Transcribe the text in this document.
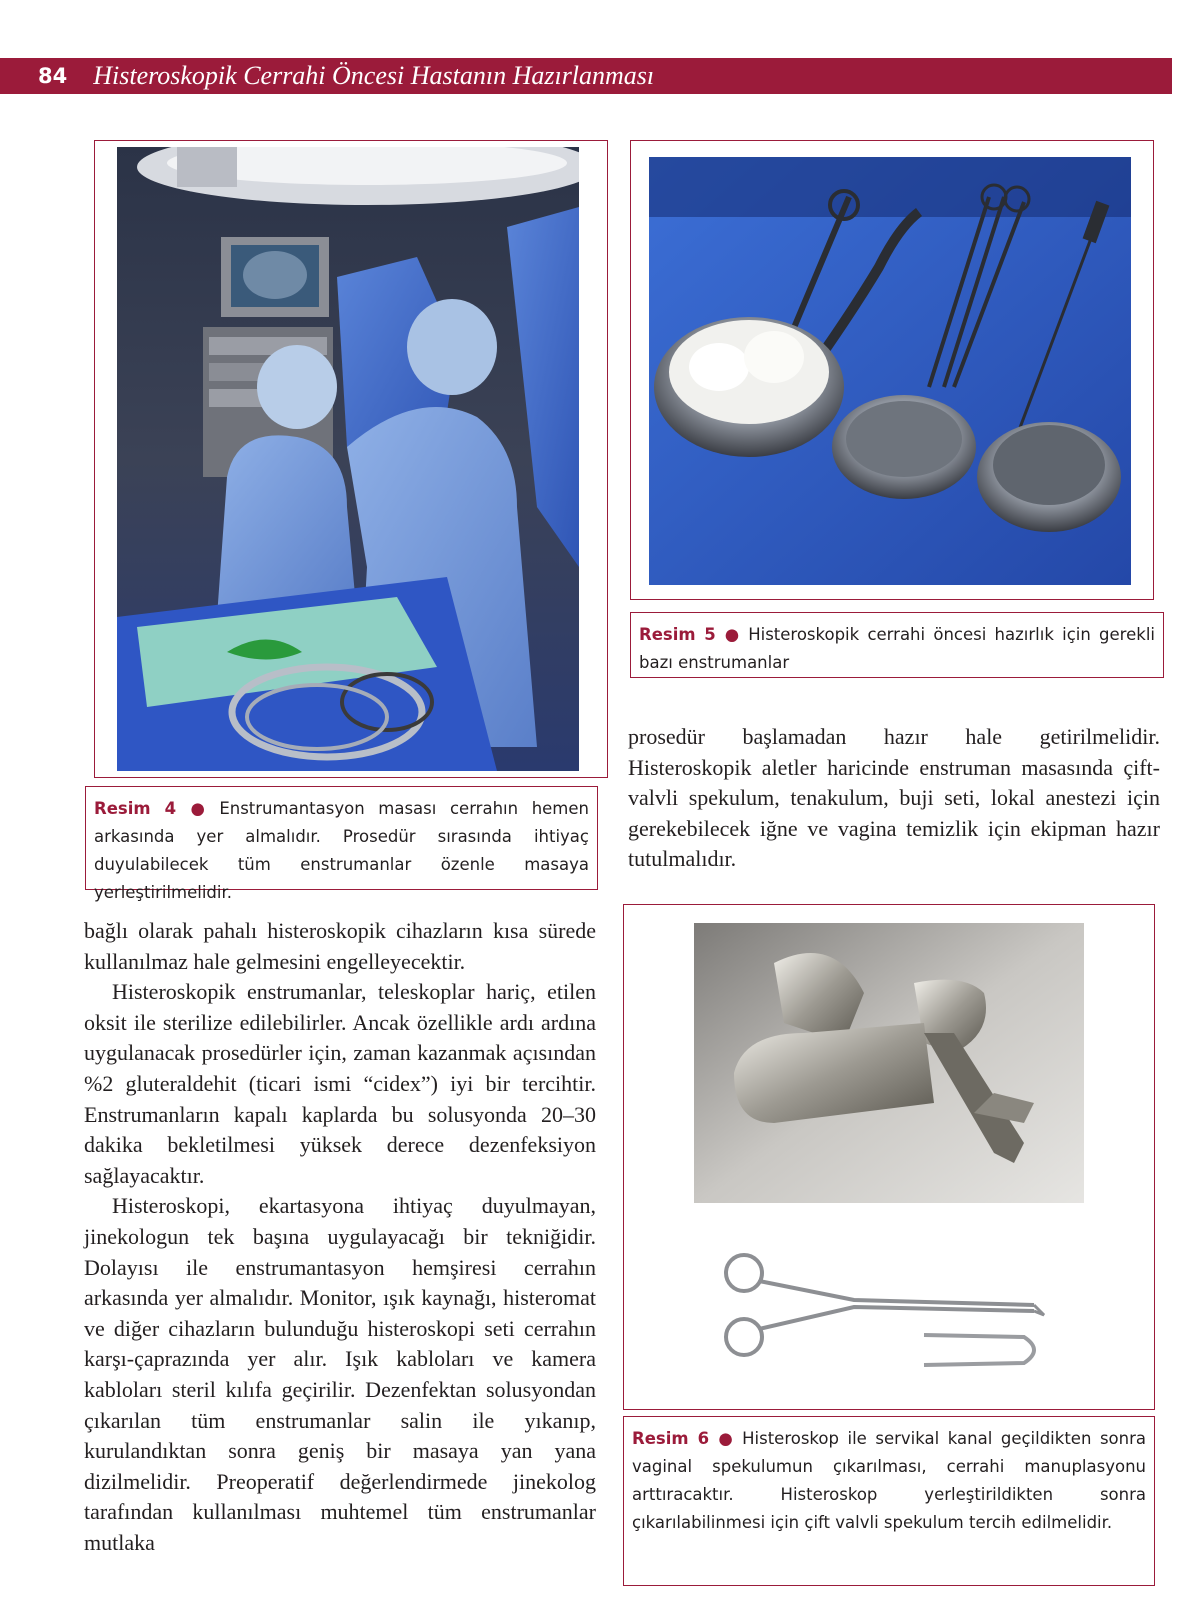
84 Histeroskopik Cerrahi Öncesi Hastanın Hazırlanması
Resim 4 ● Enstrumantasyon masası cerrahın hemen arkasında yer almalıdır. Prosedür sırasında ihtiyaç duyulabilecek tüm enstrumanlar özenle masaya yerleştirilmelidir.
Resim 5 ● Histeroskopik cerrahi öncesi hazırlık için gerekli bazı enstrumanlar

prosedür başlamadan hazır hale getirilmelidir. Histeroskopik aletler haricinde enstruman masasında çift-valvli spekulum, tenakulum, buji seti, lokal anestezi için gerekebilecek iğne ve vagina temizlik için ekipman hazır tutulmalıdır.

Resim 6 ● Histeroskop ile servikal kanal geçildikten sonra vaginal spekulumun çıkarılması, cerrahi manuplasyonu arttıracaktır. Histeroskop yerleştirildikten sonra çıkarılabilinmesi için çift valvli spekulum tercih edilmelidir.

bağlı olarak pahalı histeroskopik cihazların kısa sürede kullanılmaz hale gelmesini engelleyecektir.

Histeroskopik enstrumanlar, teleskoplar hariç, etilen oksit ile sterilize edilebilirler. Ancak özellikle ardı ardına uygulanacak prosedürler için, zaman kazanmak açısından %2 gluteraldehit (ticari ismi “cidex”) iyi bir tercihtir. Enstrumanların kapalı kaplarda bu solusyonda 20–30 dakika bekletilmesi yüksek derece dezenfeksiyon sağlayacaktır.

Histeroskopi, ekartasyona ihtiyaç duyulmayan, jinekologun tek başına uygulayacağı bir tekniğidir. Dolayısı ile enstrumantasyon hemşiresi cerrahın arkasında yer almalıdır. Monitor, ışık kaynağı, histeromat ve diğer cihazların bulunduğu histeroskopi seti cerrahın karşı-çaprazında yer alır. Işık kabloları ve kamera kabloları steril kılıfa geçirilir. Dezenfektan solusyondan çıkarılan tüm enstrumanlar salin ile yıkanıp, kurulandıktan sonra geniş bir masaya yan yana dizilmelidir. Preoperatif değerlendirmede jinekolog tarafından kullanılması muhtemel tüm enstrumanlar mutlaka
